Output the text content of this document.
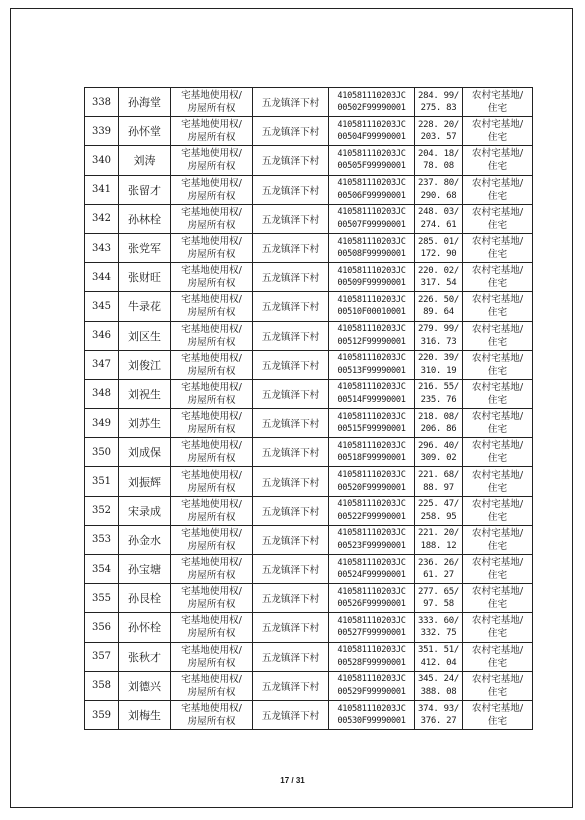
338	孙海堂	宅基地使用权/
房屋所有权	五龙镇泽下村	410581110203JC
00502F99990001	284. 99/
275. 83	农村宅基地/
住宅

339	孙怀堂	宅基地使用权/
房屋所有权	五龙镇泽下村	410581110203JC
00504F99990001	228. 20/
203. 57	农村宅基地/
住宅

340	刘涛	宅基地使用权/
房屋所有权	五龙镇泽下村	410581110203JC
00505F99990001	204. 18/
78. 08	农村宅基地/
住宅

341	张留才	宅基地使用权/
房屋所有权	五龙镇泽下村	410581110203JC
00506F99990001	237. 80/
290. 68	农村宅基地/
住宅

342	孙林栓	宅基地使用权/
房屋所有权	五龙镇泽下村	410581110203JC
00507F99990001	248. 03/
274. 61	农村宅基地/
住宅

343	张党军	宅基地使用权/
房屋所有权	五龙镇泽下村	410581110203JC
00508F99990001	285. 01/
172. 90	农村宅基地/
住宅

344	张财旺	宅基地使用权/
房屋所有权	五龙镇泽下村	410581110203JC
00509F99990001	220. 02/
317. 54	农村宅基地/
住宅

345	牛录花	宅基地使用权/
房屋所有权	五龙镇泽下村	410581110203JC
00510F00010001	226. 50/
89. 64	农村宅基地/
住宅

346	刘区生	宅基地使用权/
房屋所有权	五龙镇泽下村	410581110203JC
00512F99990001	279. 99/
316. 73	农村宅基地/
住宅

347	刘俊江	宅基地使用权/
房屋所有权	五龙镇泽下村	410581110203JC
00513F99990001	220. 39/
310. 19	农村宅基地/
住宅

348	刘祝生	宅基地使用权/
房屋所有权	五龙镇泽下村	410581110203JC
00514F99990001	216. 55/
235. 76	农村宅基地/
住宅

349	刘苏生	宅基地使用权/
房屋所有权	五龙镇泽下村	410581110203JC
00515F99990001	218. 08/
206. 86	农村宅基地/
住宅

350	刘成保	宅基地使用权/
房屋所有权	五龙镇泽下村	410581110203JC
00518F99990001	296. 40/
309. 02	农村宅基地/
住宅

351	刘振辉	宅基地使用权/
房屋所有权	五龙镇泽下村	410581110203JC
00520F99990001	221. 68/
88. 97	农村宅基地/
住宅

352	宋录成	宅基地使用权/
房屋所有权	五龙镇泽下村	410581110203JC
00522F99990001	225. 47/
258. 95	农村宅基地/
住宅

353	孙金水	宅基地使用权/
房屋所有权	五龙镇泽下村	410581110203JC
00523F99990001	221. 20/
188. 12	农村宅基地/
住宅

354	孙宝塘	宅基地使用权/
房屋所有权	五龙镇泽下村	410581110203JC
00524F99990001	236. 26/
61. 27	农村宅基地/
住宅

355	孙艮栓	宅基地使用权/
房屋所有权	五龙镇泽下村	410581110203JC
00526F99990001	277. 65/
97. 58	农村宅基地/
住宅

356	孙怀栓	宅基地使用权/
房屋所有权	五龙镇泽下村	410581110203JC
00527F99990001	333. 60/
332. 75	农村宅基地/
住宅

357	张秋才	宅基地使用权/
房屋所有权	五龙镇泽下村	410581110203JC
00528F99990001	351. 51/
412. 04	农村宅基地/
住宅

358	刘德兴	宅基地使用权/
房屋所有权	五龙镇泽下村	410581110203JC
00529F99990001	345. 24/
388. 08	农村宅基地/
住宅

359	刘梅生	宅基地使用权/
房屋所有权	五龙镇泽下村	410581110203JC
00530F99990001	374. 93/
376. 27	农村宅基地/
住宅
17 / 31
